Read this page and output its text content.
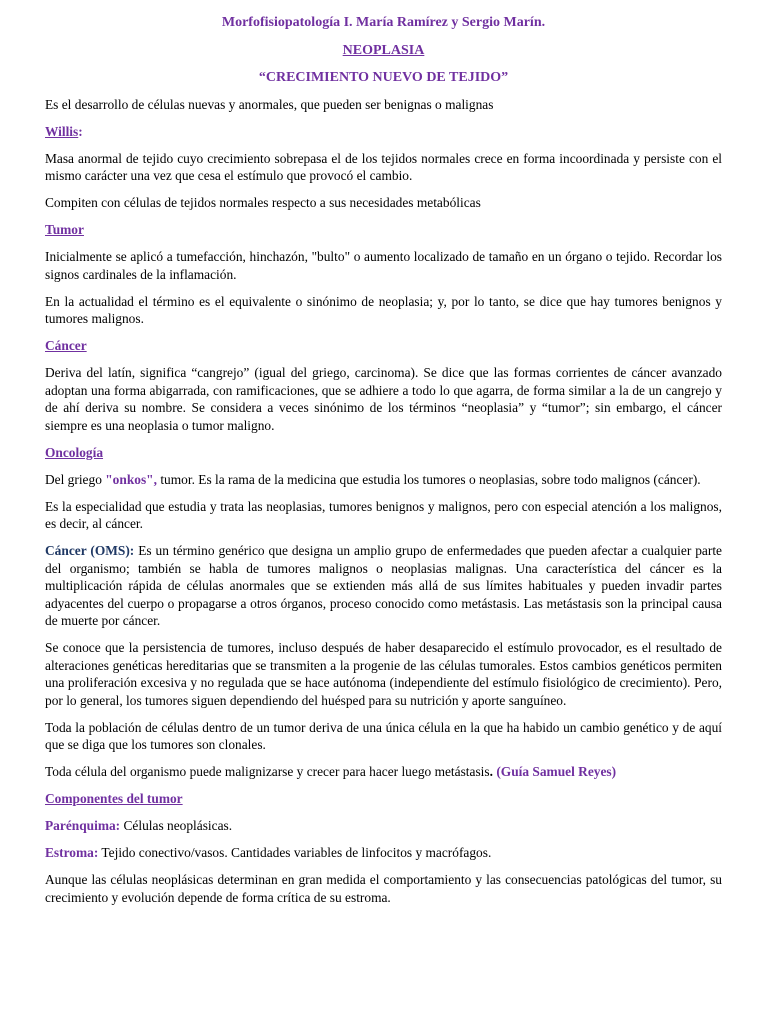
Morfofisiopatología I. María Ramírez y Sergio Marín.

NEOPLASIA

“CRECIMIENTO NUEVO DE TEJIDO”

Es el desarrollo de células nuevas y anormales, que pueden ser benignas o malignas

Willis:

Masa anormal de tejido cuyo crecimiento sobrepasa el de los tejidos normales crece en forma incoordinada y persiste con el mismo carácter una vez que cesa el estímulo que provocó el cambio.

Compiten con células de tejidos normales respecto a sus necesidades metabólicas

Tumor

Inicialmente se aplicó a tumefacción, hinchazón, "bulto" o aumento localizado de tamaño en un órgano o tejido. Recordar los signos cardinales de la inflamación.

En la actualidad el término es el equivalente o sinónimo de neoplasia; y, por lo tanto, se dice que hay tumores benignos y tumores malignos.

Cáncer

Deriva del latín, significa “cangrejo” (igual del griego, carcinoma). Se dice que las formas corrientes de cáncer avanzado adoptan una forma abigarrada, con ramificaciones, que se adhiere a todo lo que agarra, de forma similar a la de un cangrejo y de ahí deriva su nombre. Se considera a veces sinónimo de los términos “neoplasia” y “tumor”; sin embargo, el cáncer siempre es una neoplasia o tumor maligno.

Oncología

Del griego "onkos", tumor. Es la rama de la medicina que estudia los tumores o neoplasias, sobre todo malignos (cáncer).

Es la especialidad que estudia y trata las neoplasias, tumores benignos y malignos, pero con especial atención a los malignos, es decir, al cáncer.

Cáncer (OMS): Es un término genérico que designa un amplio grupo de enfermedades que pueden afectar a cualquier parte del organismo; también se habla de tumores malignos o neoplasias malignas. Una característica del cáncer es la multiplicación rápida de células anormales que se extienden más allá de sus límites habituales y pueden invadir partes adyacentes del cuerpo o propagarse a otros órganos, proceso conocido como metástasis. Las metástasis son la principal causa de muerte por cáncer.

Se conoce que la persistencia de tumores, incluso después de haber desaparecido el estímulo provocador, es el resultado de alteraciones genéticas hereditarias que se transmiten a la progenie de las células tumorales. Estos cambios genéticos permiten una proliferación excesiva y no regulada que se hace autónoma (independiente del estímulo fisiológico de crecimiento). Pero, por lo general, los tumores siguen dependiendo del huésped para su nutrición y aporte sanguíneo.

Toda la población de células dentro de un tumor deriva de una única célula en la que ha habido un cambio genético y de aquí que se diga que los tumores son clonales.

Toda célula del organismo puede malignizarse y crecer para hacer luego metástasis. (Guía Samuel Reyes)

Componentes del tumor

Parénquima: Células neoplásicas.

Estroma: Tejido conectivo/vasos. Cantidades variables de linfocitos y macrófagos.

Aunque las células neoplásicas determinan en gran medida el comportamiento y las consecuencias patológicas del tumor, su crecimiento y evolución depende de forma crítica de su estroma.
